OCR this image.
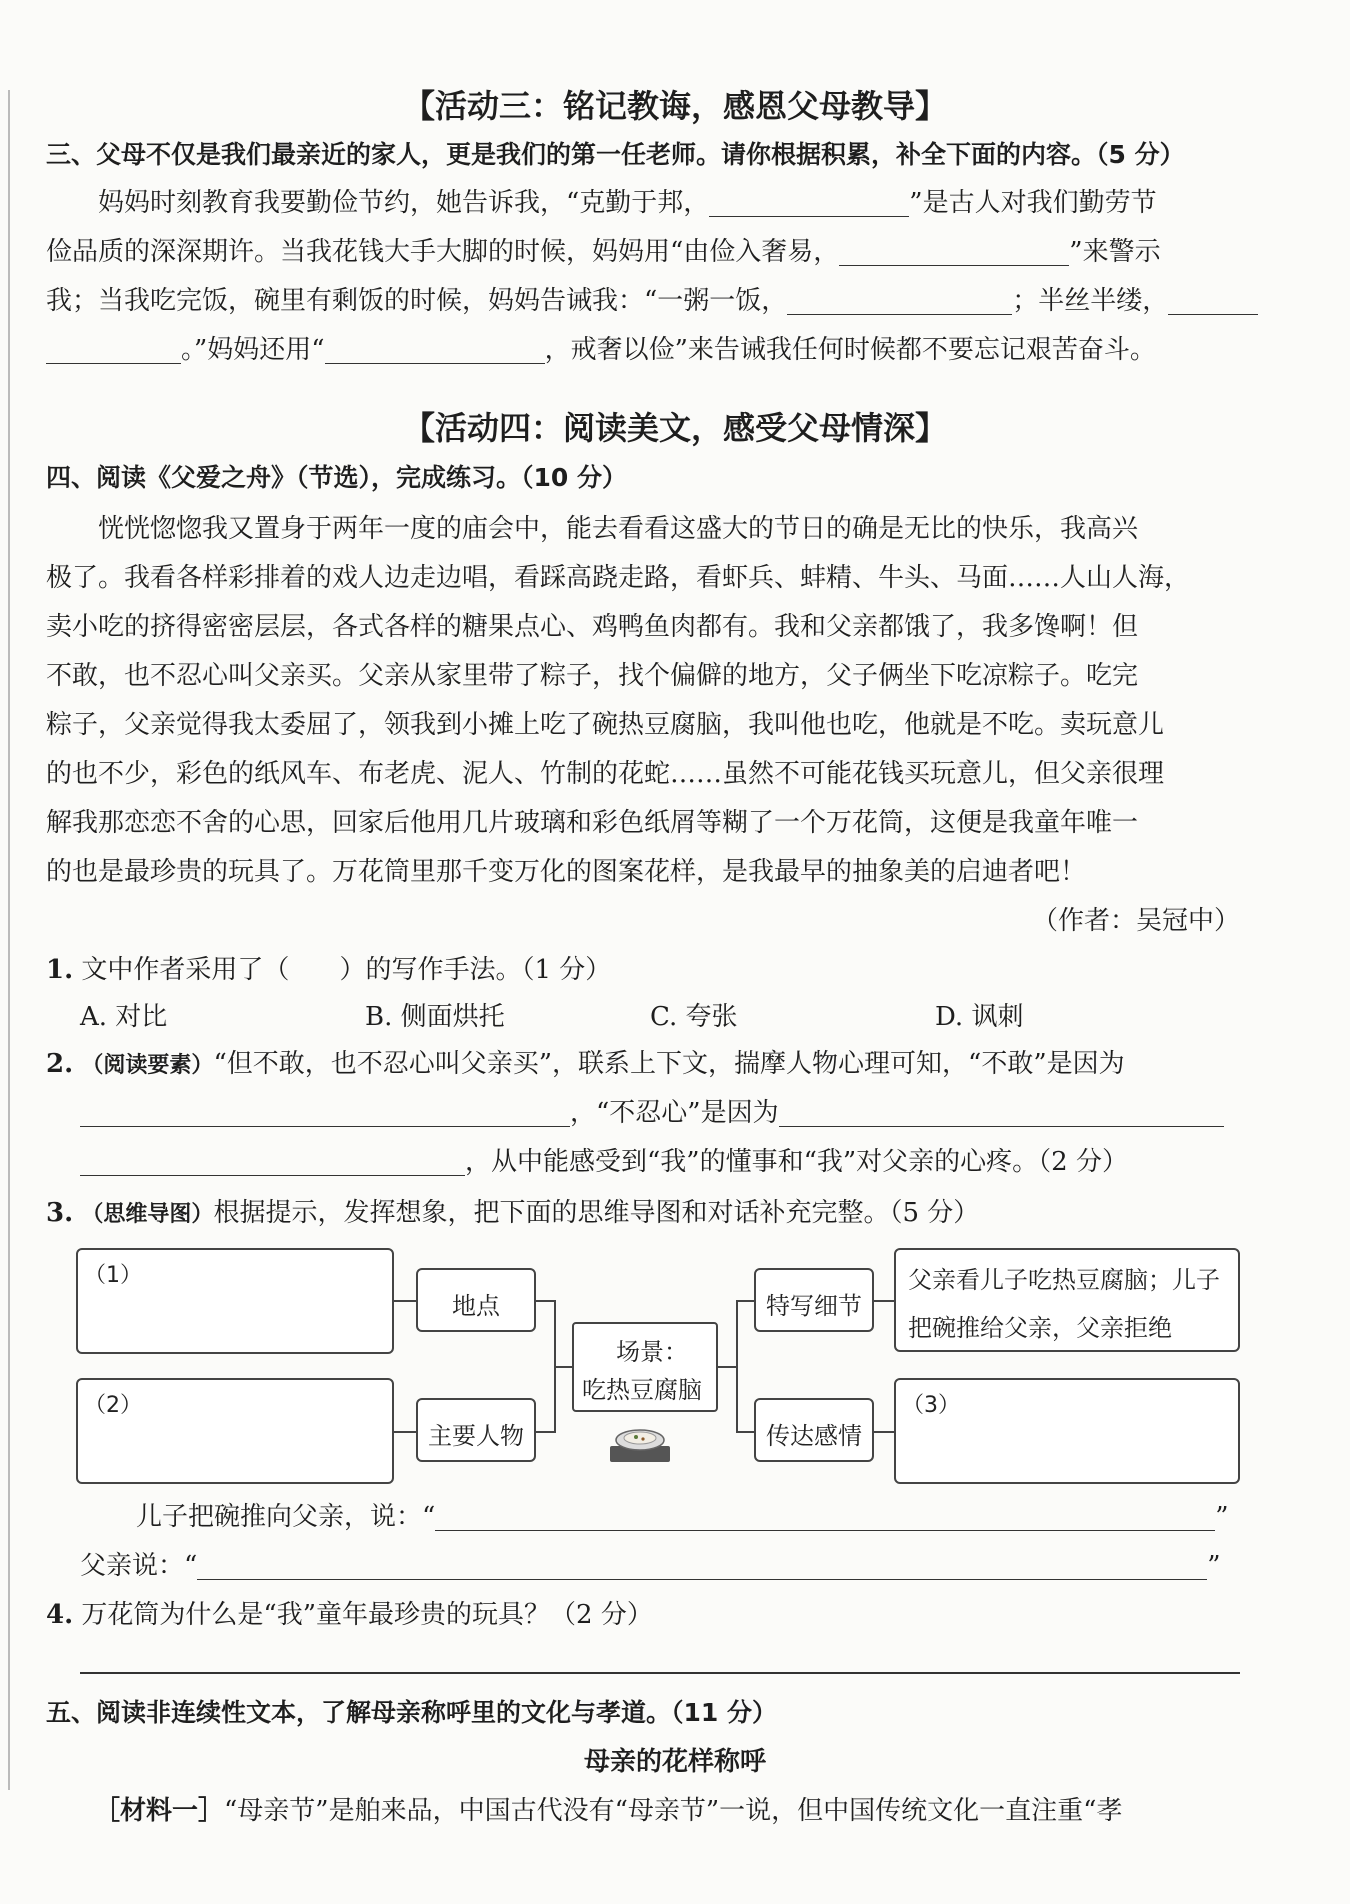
【活动三：铭记教诲，感恩父母教导】
三、父母不仅是我们最亲近的家人，更是我们的第一任老师。请你根据积累，补全下面的内容。（5 分）
妈妈时刻教育我要勤俭节约，她告诉我，“克勤于邦，	”是古人对我们勤劳节
俭品质的深深期许。当我花钱大手大脚的时候，妈妈用“由俭入奢易，	”来警示
我；当我吃完饭，碗里有剩饭的时候，妈妈告诫我：“一粥一饭，	；半丝半缕，
。”妈妈还用“	，戒奢以俭”来告诫我任何时候都不要忘记艰苦奋斗。
【活动四：阅读美文，感受父母情深】
四、阅读《父爱之舟》（节选），完成练习。（10 分）
恍恍惚惚我又置身于两年一度的庙会中，能去看看这盛大的节日的确是无比的快乐，我高兴
极了。我看各样彩排着的戏人边走边唱，看踩高跷走路，看虾兵、蚌精、牛头、马面……人山人海，
卖小吃的挤得密密层层，各式各样的糖果点心、鸡鸭鱼肉都有。我和父亲都饿了，我多馋啊！但
不敢，也不忍心叫父亲买。父亲从家里带了粽子，找个偏僻的地方，父子俩坐下吃凉粽子。吃完
粽子，父亲觉得我太委屈了，领我到小摊上吃了碗热豆腐脑，我叫他也吃，他就是不吃。卖玩意儿
的也不少，彩色的纸风车、布老虎、泥人、竹制的花蛇……虽然不可能花钱买玩意儿，但父亲很理
解我那恋恋不舍的心思，回家后他用几片玻璃和彩色纸屑等糊了一个万花筒，这便是我童年唯一
的也是最珍贵的玩具了。万花筒里那千变万化的图案花样，是我最早的抽象美的启迪者吧！
（作者：吴冠中）
1. 文中作者采用了（ ）的写作手法。（1 分）
A. 对比	B. 侧面烘托	C. 夸张	D. 讽刺
2. （阅读要素）“但不敢，也不忍心叫父亲买”，联系上下文，揣摩人物心理可知，“不敢”是因为
，“不忍心”是因为
，从中能感受到“我”的懂事和“我”对父亲的心疼。（2 分）
3. （思维导图）根据提示，发挥想象，把下面的思维导图和对话补充完整。（5 分）
（1）
（2）
地点
主要人物
场景：
吃热豆腐脑
特写细节
传达感情
父亲看儿子吃热豆腐脑；儿子
把碗推给父亲，父亲拒绝
（3）
儿子把碗推向父亲，说：“	”
父亲说：“	”
4. 万花筒为什么是“我”童年最珍贵的玩具？（2 分）
五、阅读非连续性文本，了解母亲称呼里的文化与孝道。（11 分）
母亲的花样称呼
［材料一］“母亲节”是舶来品，中国古代没有“母亲节”一说，但中国传统文化一直注重“孝
